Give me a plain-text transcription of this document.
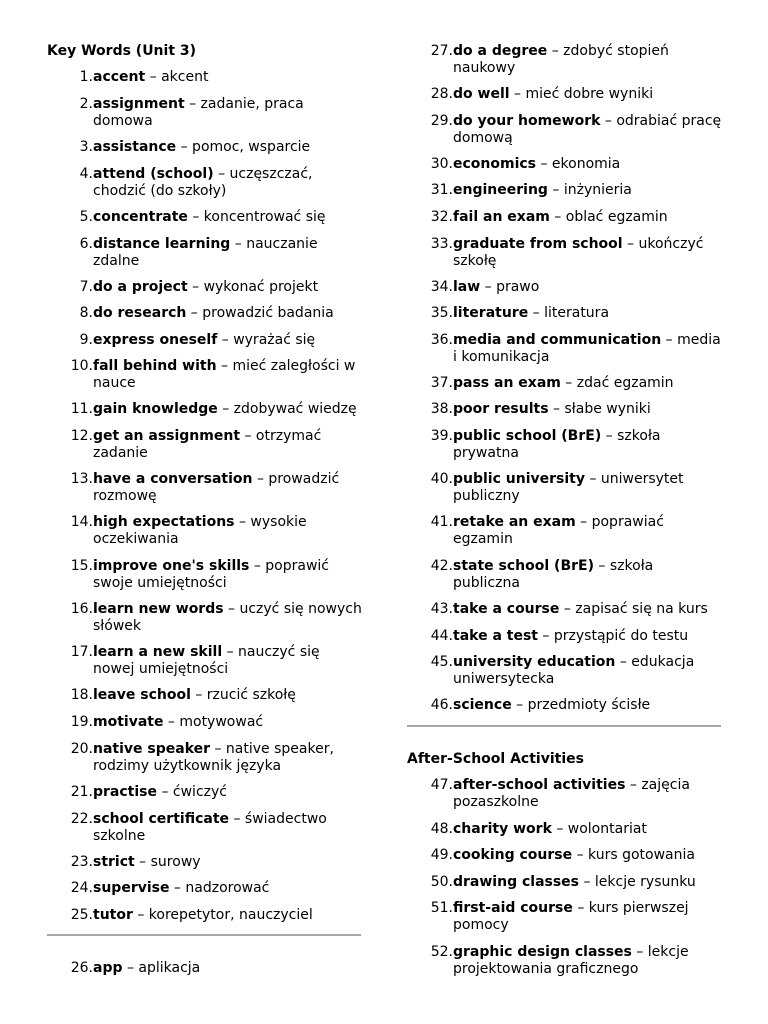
Key Words (Unit 3)
1. accent – akcent
2. assignment – zadanie, praca domowa
3. assistance – pomoc, wsparcie
4. attend (school) – uczęszczać, chodzić (do szkoły)
5. concentrate – koncentrować się
6. distance learning – nauczanie zdalne
7. do a project – wykonać projekt
8. do research – prowadzić badania
9. express oneself – wyrażać się
10. fall behind with – mieć zaległości w nauce
11. gain knowledge – zdobywać wiedzę
12. get an assignment – otrzymać zadanie
13. have a conversation – prowadzić rozmowę
14. high expectations – wysokie oczekiwania
15. improve one's skills – poprawić swoje umiejętności
16. learn new words – uczyć się nowych słówek
17. learn a new skill – nauczyć się nowej umiejętności
18. leave school – rzucić szkołę
19. motivate – motywować
20. native speaker – native speaker, rodzimy użytkownik języka
21. practise – ćwiczyć
22. school certificate – świadectwo szkolne
23. strict – surowy
24. supervise – nadzorować
25. tutor – korepetytor, nauczyciel
26. app – aplikacja
27. do a degree – zdobyć stopień naukowy
28. do well – mieć dobre wyniki
29. do your homework – odrabiać pracę domową
30. economics – ekonomia
31. engineering – inżynieria
32. fail an exam – oblać egzamin
33. graduate from school – ukończyć szkołę
34. law – prawo
35. literature – literatura
36. media and communication – media i komunikacja
37. pass an exam – zdać egzamin
38. poor results – słabe wyniki
39. public school (BrE) – szkoła prywatna
40. public university – uniwersytet publiczny
41. retake an exam – poprawiać egzamin
42. state school (BrE) – szkoła publiczna
43. take a course – zapisać się na kurs
44. take a test – przystąpić do testu
45. university education – edukacja uniwersytecka
46. science – przedmioty ścisłe
After-School Activities
47. after-school activities – zajęcia pozaszkolne
48. charity work – wolontariat
49. cooking course – kurs gotowania
50. drawing classes – lekcje rysunku
51. first-aid course – kurs pierwszej pomocy
52. graphic design classes – lekcje projektowania graficznego
